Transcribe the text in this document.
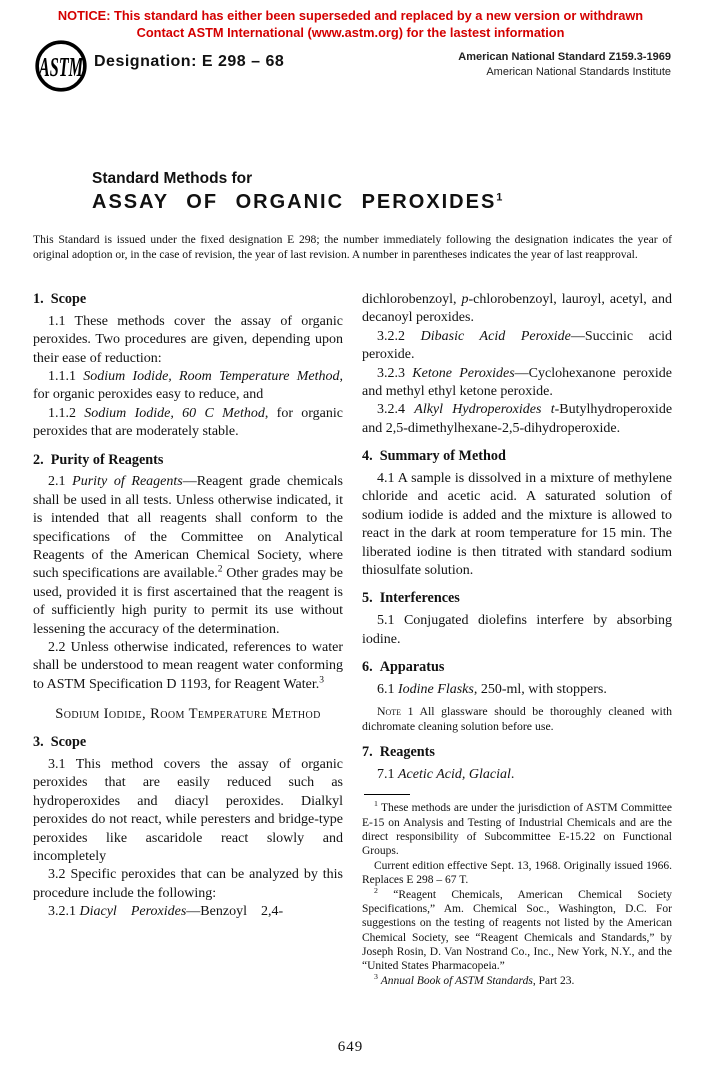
NOTICE: This standard has either been superseded and replaced by a new version or withdrawn
Contact ASTM International (www.astm.org) for the lastest information
ASTM Designation: E 298 – 68	American National Standard Z159.3-1969
American National Standards Institute

Standard Methods for

ASSAY OF ORGANIC PEROXIDES$^1$

This Standard is issued under the fixed designation E 298; the number immediately following the designation indicates the year of original adoption or, in the case of revision, the year of last revision. A number in parentheses indicates the year of last reapproval.

1. Scope

1.1 These methods cover the assay of organic peroxides. Two procedures are given, depending upon their ease of reduction:

1.1.1 Sodium Iodide, Room Temperature Method, for organic peroxides easy to reduce, and

1.1.2 Sodium Iodide, 60 C Method, for organic peroxides that are moderately stable.

2. Purity of Reagents

2.1 Purity of Reagents—Reagent grade chemicals shall be used in all tests. Unless otherwise indicated, it is intended that all reagents shall conform to the specifications of the Committee on Analytical Reagents of the American Chemical Society, where such specifications are available.$^2$ Other grades may be used, provided it is first ascertained that the reagent is of sufficiently high purity to permit its use without lessening the accuracy of the determination.

2.2 Unless otherwise indicated, references to water shall be understood to mean reagent water conforming to ASTM Specification D 1193, for Reagent Water.$^3$

Sodium Iodide, Room Temperature Method

3. Scope

3.1 This method covers the assay of organic peroxides that are easily reduced such as hydroperoxides and diacyl peroxides. Dialkyl peroxides do not react, while peresters and bridge-type peroxides like ascaridole react slowly and incompletely

3.2 Specific peroxides that can be analyzed by this procedure include the following:

3.2.1 Diacyl   Peroxides—Benzoyl  2,4-

dichlorobenzoyl, p-chlorobenzoyl, lauroyl, acetyl, and decanoyl peroxides.

3.2.2 Dibasic Acid Peroxide—Succinic acid peroxide.

3.2.3 Ketone Peroxides—Cyclohexanone peroxide and methyl ethyl ketone peroxide.

3.2.4 Alkyl Hydroperoxides t-Butylhydroperoxide and 2,5-dimethylhexane-2,5-dihydroperoxide.

4. Summary of Method

4.1 A sample is dissolved in a mixture of methylene chloride and acetic acid. A saturated solution of sodium iodide is added and the mixture is allowed to react in the dark at room temperature for 15 min. The liberated iodine is then titrated with standard sodium thiosulfate solution.

5. Interferences

5.1 Conjugated diolefins interfere by absorbing iodine.

6. Apparatus

6.1 Iodine Flasks, 250-ml, with stoppers.

Note 1 All glassware should be thoroughly cleaned with dichromate cleaning solution before use.

7. Reagents

7.1 Acetic Acid, Glacial.

$^1$ These methods are under the jurisdiction of ASTM Committee E-15 on Analysis and Testing of Industrial Chemicals and are the direct responsibility of Subcommittee E-15.22 on Functional Groups.

Current edition effective Sept. 13, 1968. Originally issued 1966. Replaces E 298 – 67 T.

$^2$ “Reagent Chemicals, American Chemical Society Specifications,” Am. Chemical Soc., Washington, D.C. For suggestions on the testing of reagents not listed by the American Chemical Society, see “Reagent Chemicals and Standards,” by Joseph Rosin, D. Van Nostrand Co., Inc., New York, N.Y., and the “United States Pharmacopeia.”

$^3$ Annual Book of ASTM Standards, Part 23.

649
